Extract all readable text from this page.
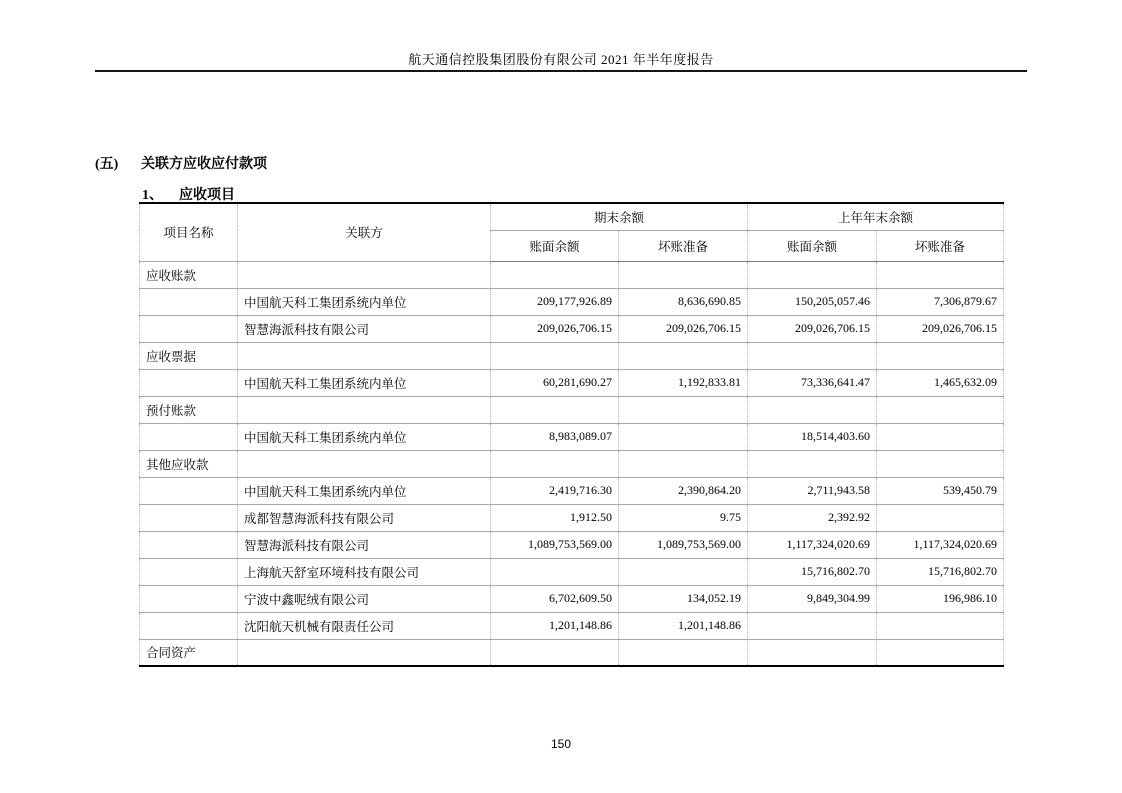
航天通信控股集团股份有限公司 2021 年半年度报告
(五) 关联方应收应付款项
1、 应收项目
项目名称	关联方	期末余额		上年年末余额	
		账面余额	坏账准备	账面余额	坏账准备
应收账款					
	中国航天科工集团系统内单位	209,177,926.89	8,636,690.85	150,205,057.46	7,306,879.67
	智慧海派科技有限公司	209,026,706.15	209,026,706.15	209,026,706.15	209,026,706.15
应收票据					
	中国航天科工集团系统内单位	60,281,690.27	1,192,833.81	73,336,641.47	1,465,632.09
预付账款					
	中国航天科工集团系统内单位	8,983,089.07		18,514,403.60	
其他应收款					
	中国航天科工集团系统内单位	2,419,716.30	2,390,864.20	2,711,943.58	539,450.79
	成都智慧海派科技有限公司	1,912.50	9.75	2,392.92	
	智慧海派科技有限公司	1,089,753,569.00	1,089,753,569.00	1,117,324,020.69	1,117,324,020.69
	上海航天舒室环境科技有限公司			15,716,802.70	15,716,802.70
	宁波中鑫呢绒有限公司	6,702,609.50	134,052.19	9,849,304.99	196,986.10
	沈阳航天机械有限责任公司	1,201,148.86	1,201,148.86		
合同资产					
150
